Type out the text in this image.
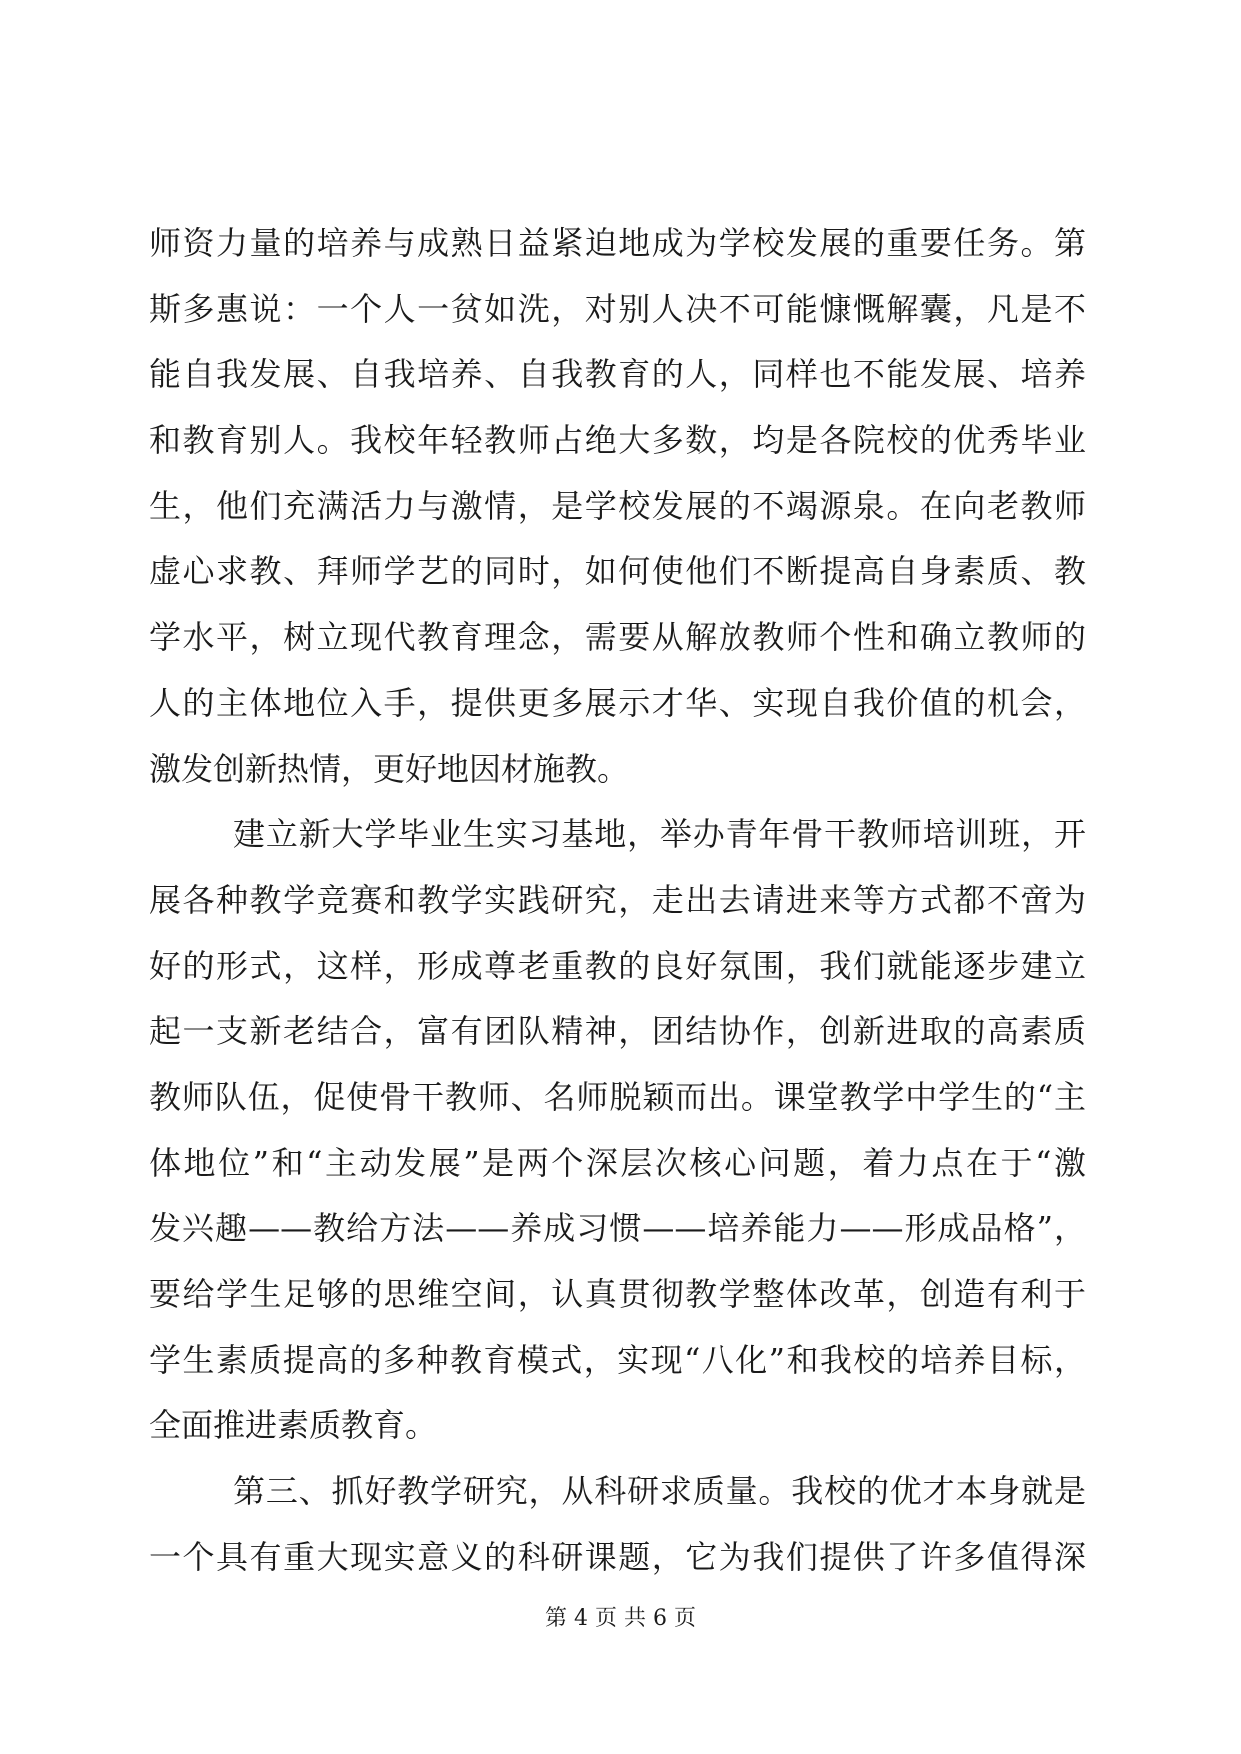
师资力量的培养与成熟日益紧迫地成为学校发展的重要任务。第
斯多惠说：一个人一贫如洗，对别人决不可能慷慨解囊，凡是不
能自我发展、自我培养、自我教育的人，同样也不能发展、培养
和教育别人。我校年轻教师占绝大多数，均是各院校的优秀毕业
生，他们充满活力与激情，是学校发展的不竭源泉。在向老教师
虚心求教、拜师学艺的同时，如何使他们不断提高自身素质、教
学水平，树立现代教育理念，需要从解放教师个性和确立教师的
人的主体地位入手，提供更多展示才华、实现自我价值的机会，
激发创新热情，更好地因材施教。
建立新大学毕业生实习基地，举办青年骨干教师培训班，开
展各种教学竞赛和教学实践研究，走出去请进来等方式都不啻为
好的形式，这样，形成尊老重教的良好氛围，我们就能逐步建立
起一支新老结合，富有团队精神，团结协作，创新进取的高素质
教师队伍，促使骨干教师、名师脱颖而出。课堂教学中学生的“主
体地位”和“主动发展”是两个深层次核心问题，着力点在于“激
发兴趣——教给方法——养成习惯——培养能力——形成品格”，
要给学生足够的思维空间，认真贯彻教学整体改革，创造有利于
学生素质提高的多种教育模式，实现“八化”和我校的培养目标，
全面推进素质教育。
第三、抓好教学研究，从科研求质量。我校的优才本身就是
一个具有重大现实意义的科研课题，它为我们提供了许多值得深
第 4 页 共 6 页
